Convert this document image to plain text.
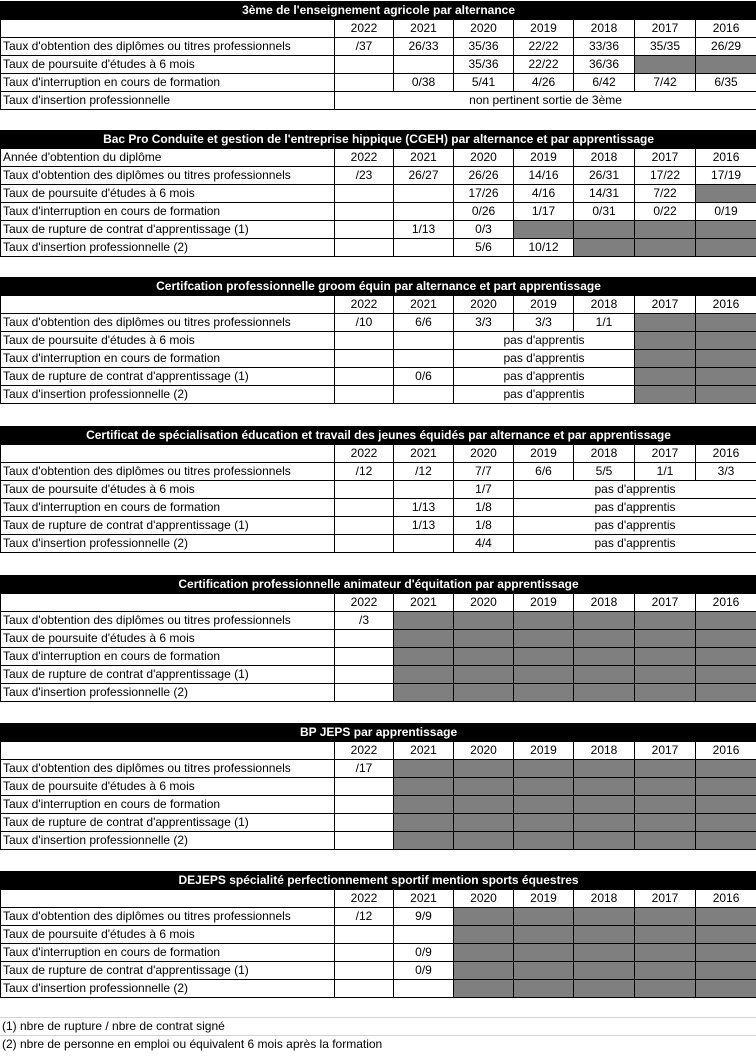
3ème de l'enseignement agricole par alternance							
	2022	2021	2020	2019	2018	2017	2016
Taux d'obtention des diplômes ou titres professionnels	/37	26/33	35/36	22/22	33/36	35/35	26/29
Taux de poursuite d'études à 6 mois			35/36	22/22	36/36		
Taux d'interruption en cours de formation		0/38	5/41	4/26	6/42	7/42	6/35
Taux d'insertion professionnelle	non pertinent sortie de 3ème						
Bac Pro Conduite et gestion de l'entreprise hippique (CGEH) par alternance et par apprentissage							
Année d'obtention du diplôme	2022	2021	2020	2019	2018	2017	2016
Taux d'obtention des diplômes ou titres professionnels	/23	26/27	26/26	14/16	26/31	17/22	17/19
Taux de poursuite d'études à 6 mois			17/26	4/16	14/31	7/22	
Taux d'interruption en cours de formation			0/26	1/17	0/31	0/22	0/19
Taux de rupture de contrat d'apprentissage (1)		1/13	0/3				
Taux d'insertion professionnelle (2)			5/6	10/12			
Certifcation professionnelle groom équin par alternance et part apprentissage							
	2022	2021	2020	2019	2018	2017	2016
Taux d'obtention des diplômes ou titres professionnels	/10	6/6	3/3	3/3	1/1		
Taux de poursuite d'études à 6 mois			pas d'apprentis				
Taux d'interruption en cours de formation			pas d'apprentis				
Taux de rupture de contrat d'apprentissage (1)		0/6	pas d'apprentis				
Taux d'insertion professionnelle (2)			pas d'apprentis				
Certificat de spécialisation éducation et travail des jeunes équidés par alternance et par apprentissage							
	2022	2021	2020	2019	2018	2017	2016
Taux d'obtention des diplômes ou titres professionnels	/12	/12	7/7	6/6	5/5	1/1	3/3
Taux de poursuite d'études à 6 mois			1/7	pas d'apprentis			
Taux d'interruption en cours de formation		1/13	1/8	pas d'apprentis			
Taux de rupture de contrat d'apprentissage (1)		1/13	1/8	pas d'apprentis			
Taux d'insertion professionnelle (2)			4/4	pas d'apprentis			
Certification professionnelle animateur d'équitation par apprentissage							
	2022	2021	2020	2019	2018	2017	2016
Taux d'obtention des diplômes ou titres professionnels	/3						
Taux de poursuite d'études à 6 mois							
Taux d'interruption en cours de formation							
Taux de rupture de contrat d'apprentissage (1)							
Taux d'insertion professionnelle (2)							
BP JEPS par apprentissage							
	2022	2021	2020	2019	2018	2017	2016
Taux d'obtention des diplômes ou titres professionnels	/17						
Taux de poursuite d'études à 6 mois							
Taux d'interruption en cours de formation							
Taux de rupture de contrat d'apprentissage (1)							
Taux d'insertion professionnelle (2)							
DEJEPS spécialité perfectionnement sportif mention sports équestres							
	2022	2021	2020	2019	2018	2017	2016
Taux d'obtention des diplômes ou titres professionnels	/12	9/9					
Taux de poursuite d'études à 6 mois							
Taux d'interruption en cours de formation		0/9					
Taux de rupture de contrat d'apprentissage (1)		0/9					
Taux d'insertion professionnelle (2)							
(1) nbre de rupture / nbre de contrat signé
(2) nbre de personne en emploi ou équivalent 6 mois après la formation
